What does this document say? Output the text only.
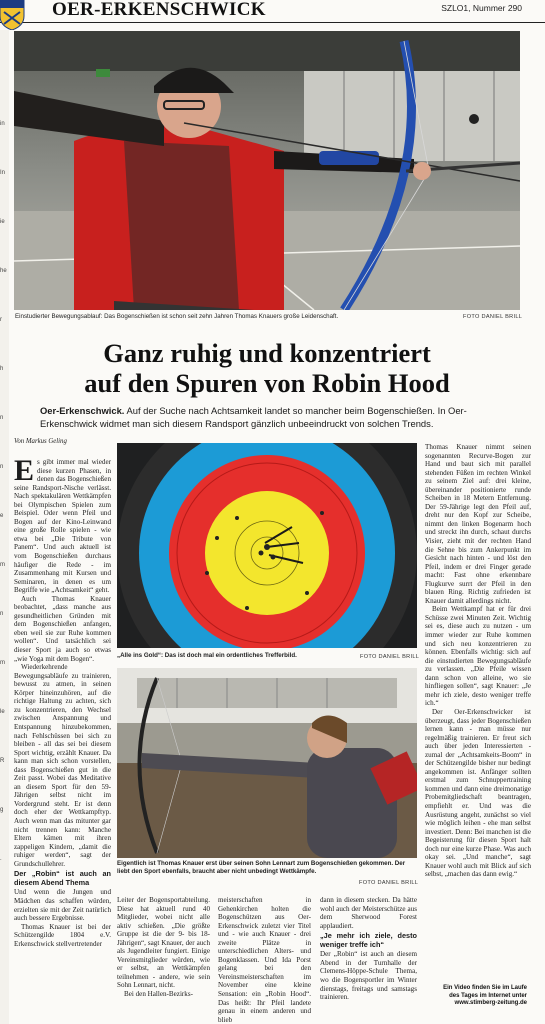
OER-ERKENSCHWICK	SZLO1, Nummer 290
in
In
ie
he
r
h
n
n
e
m
n
m
le
R
g
.
Einstudierter Bewegungsablauf: Das Bogenschießen ist schon seit zehn Jahren Thomas Knauers große Leidenschaft.	FOTO DANIEL BRILL
Ganz ruhig und konzentriert
auf den Spuren von Robin Hood
Oer-Erkenschwick. Auf der Suche nach Achtsamkeit landet so mancher beim Bogenschießen. In Oer-Erkenschwick widmet man sich diesem Randsport gänzlich unbeeindruckt von solchen Trends.
Von Markus Geling

Es gibt immer mal wieder diese kurzen Phasen, in denen das Bogenschießen seine Randsport-Nische verlässt. Nach spektakulären Wettkämpfen bei Olympischen Spielen zum Beispiel. Oder wenn Pfeil und Bogen auf der Kino-Leinwand eine große Rolle spielen - wie etwa bei „Die Tribute von Panem“. Und auch aktuell ist vom Bogenschießen durchaus häufiger die Rede - im Zusammenhang mit Kursen und Seminaren, in denen es um Begriffe wie „Achtsamkeit“ geht.

Auch Thomas Knauer beobachtet, „dass manche aus gesundheitlichen Gründen mit dem Bogenschießen anfangen, eben weil sie zur Ruhe kommen wollen“. Und tatsächlich sei dieser Sport ja auch so etwas „wie Yoga mit dem Bogen“.

Wiederkehrende Bewegungsabläufe zu trainieren, bewusst zu atmen, in seinen Körper hineinzuhören, auf die richtige Haltung zu achten, sich zu konzentrieren, den Wechsel zwischen Anspannung und Entspannung hinzubekommen, nach Fehlschüssen bei sich zu bleiben - all das sei bei diesem Sport wichtig, erzählt Knauer. Da kann man sich schon vorstellen, dass Bogenschießen gut in die Zeit passt. Wobei das Meditative an diesem Sport für den 59-Jährigen selbst nicht im Vordergrund steht. Er ist denn doch eher der Wettkampftyp. Auch wenn man das mitunter gar nicht trennen kann: Manche Eltern kämen mit ihren zappeligen Kindern, „damit die ruhiger werden“, sagt der Grundschullehrer.

Der „Robin“ ist auch an diesem Abend Thema

Und wenn die Jungen und Mädchen das schaffen würden, erzielten sie mit der Zeit natürlich auch bessere Ergebnisse.

Thomas Knauer ist bei der Schützengilde 1804 e.V. Erkenschwick stellvertretender

„Alle ins Gold“: Das ist doch mal ein ordentliches Trefferbild.	FOTO DANIEL BRILL
Eigentlich ist Thomas Knauer erst über seinen Sohn Lennart zum Bogenschießen gekommen. Der liebt den Sport ebenfalls, braucht aber nicht unbedingt Wettkämpfe.
FOTO DANIEL BRILL

Leiter der Bogensportabteilung. Diese hat aktuell rund 40 Mitglieder, wobei nicht alle aktiv schießen. „Die größte Gruppe ist die der 9- bis 18-Jährigen“, sagt Knauer, der auch als Jugendleiter fungiert. Einige Vereinsmitglieder würden, wie er selbst, an Wettkämpfen teilnehmen - andere, wie sein Sohn Lennart, nicht.

Bei den Hallen-Bezirks-

meisterschaften in Gehenkirchen holten die Bogenschützen aus Oer-Erkenschwick zuletzt vier Titel und - wie auch Knauer - drei zweite Plätze in unterschiedlichen Alters- und Bogenklassen. Und Ida Porst gelang bei den Vereinsmeisterschaften im November eine kleine Sensation: ein „Robin Hood“. Das heißt: Ihr Pfeil landete genau in einem anderen und blieb

dann in diesem stecken. Da hätte wohl auch der Meisterschütze aus dem Sherwood Forest applaudiert.

„Je mehr ich ziele, desto weniger treffe ich“

Der „Robin“ ist auch an diesem Abend in der Turnhalle der Clemens-Höppe-Schule Thema, wo die Bogensportler im Winter dienstags, freitags und samstags trainieren.

Thomas Knauer nimmt seinen sogenannten Recurve-Bogen zur Hand und baut sich mit parallel stehenden Füßen im rechten Winkel zu seinem Ziel auf: drei kleine, übereinander positionierte runde Scheiben in 18 Metern Entfernung. Der 59-Jährige legt den Pfeil auf, dreht nur den Kopf zur Scheibe, nimmt den linken Bogenarm hoch und streckt ihn durch, schaut durchs Visier, zieht mit der rechten Hand die Sehne bis zum Ankerpunkt im Gesicht nach hinten - und löst den Pfeil, indem er drei Finger gerade macht: Fast ohne erkennbare Flugkurve surrt der Pfeil in den blauen Ring. Richtig zufrieden ist Knauer damit allerdings nicht.

Beim Wettkampf hat er für drei Schüsse zwei Minuten Zeit. Wichtig sei es, diese auch zu nutzen - um immer wieder zur Ruhe kommen und sich neu konzentrieren zu können. Ebenfalls wichtig: sich auf die einstudierten Bewegungsabläufe zu verlassen. „Die Pfeile wissen dann schon von alleine, wo sie hinfliegen sollen“, sagt Knauer: „Je mehr ich ziele, desto weniger treffe ich.“

Der Oer-Erkenschwicker ist überzeugt, dass jeder Bogenschießen lernen kann - man müsse nur regelmäßig trainieren. Er freut sich auch über jeden Interessierten - zumal der „Achtsamkeits-Boom“ in der Schützengilde bisher nur bedingt angekommen ist. Anfänger sollten erstmal zum Schnuppertraining kommen und dann eine dreimonatige Probemitgliedschaft beantragen, empfiehlt er. Und was die Ausrüstung angeht, zunächst so viel wie möglich leihen - ehe man selbst investiert. Denn: Bei manchen ist die Begeisterung für diesen Sport halt doch nur eine kurze Phase. Was auch okay sei. „Und manche“, sagt Knauer wohl auch mit Blick auf sich selbst, „machen das dann ewig.“

Ein Video finden Sie im Laufe
des Tages im Internet unter
www.stimberg-zeitung.de
